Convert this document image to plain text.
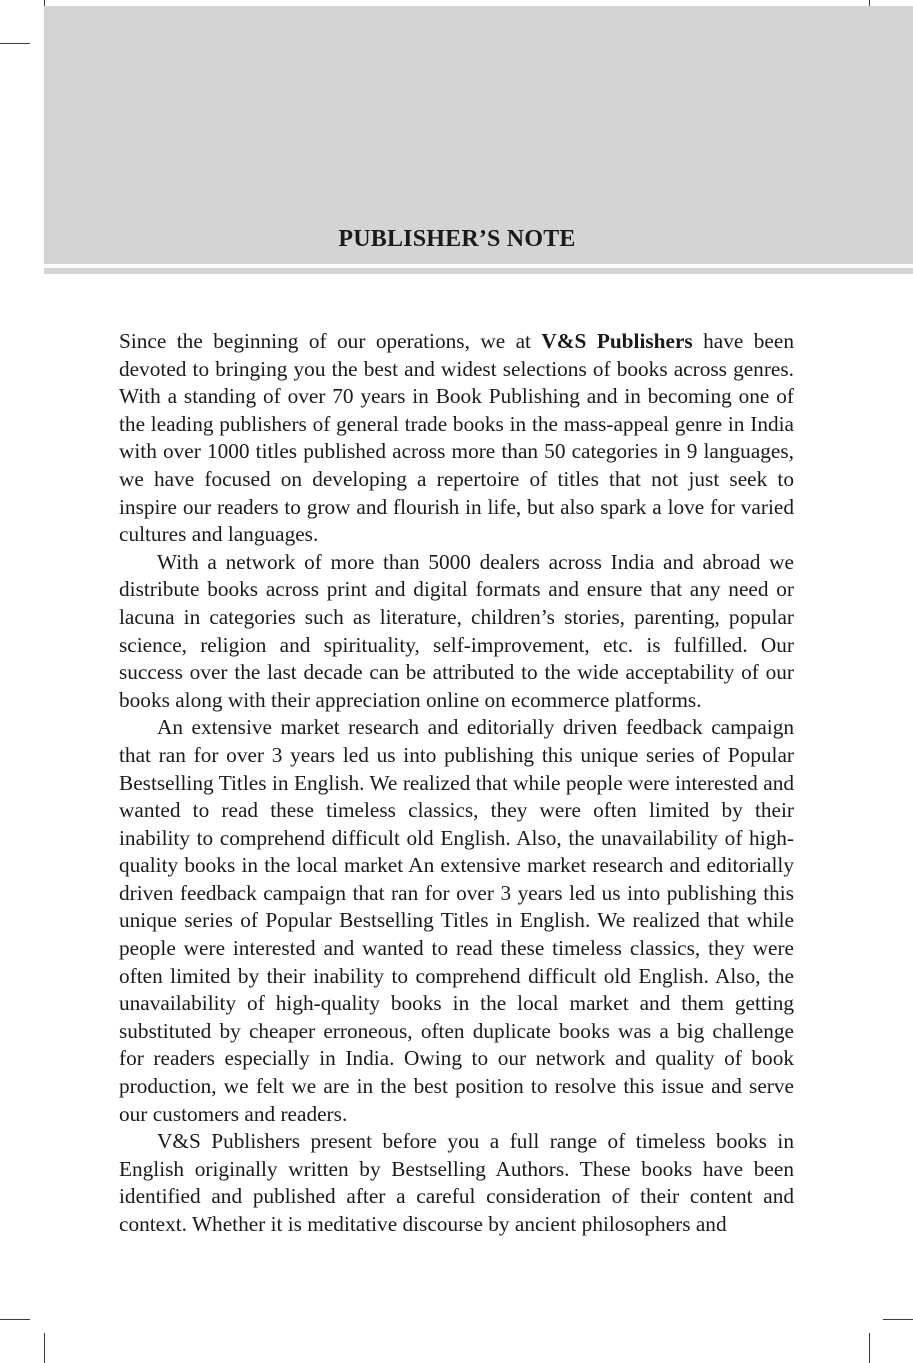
PUBLISHER’S NOTE

Since the beginning of our operations, we at V&S Publishers have been devoted to bringing you the best and widest selections of books across genres. With a standing of over 70 years in Book Publishing and in becoming one of the leading publishers of general trade books in the mass-appeal genre in India with over 1000 titles published across more than 50 categories in 9 languages, we have focused on developing a repertoire of titles that not just seek to inspire our readers to grow and flourish in life, but also spark a love for varied cultures and languages.

With a network of more than 5000 dealers across India and abroad we distribute books across print and digital formats and ensure that any need or lacuna in categories such as literature, children’s stories, parenting, popular science, religion and spirituality, self-improvement, etc. is fulfilled. Our success over the last decade can be attributed to the wide acceptability of our books along with their appreciation online on ecommerce platforms.

An extensive market research and editorially driven feedback campaign that ran for over 3 years led us into publishing this unique series of Popular Bestselling Titles in English. We realized that while people were interested and wanted to read these timeless classics, they were often limited by their inability to comprehend difficult old English. Also, the unavailability of high-quality books in the local market An extensive market research and editorially driven feedback campaign that ran for over 3 years led us into publishing this unique series of Popular Bestselling Titles in English. We realized that while people were interested and wanted to read these timeless classics, they were often limited by their inability to comprehend difficult old English. Also, the unavailability of high-quality books in the local market and them getting substituted by cheaper erroneous, often duplicate books was a big challenge for readers especially in India. Owing to our network and quality of book production, we felt we are in the best position to resolve this issue and serve our customers and readers.

V&S Publishers present before you a full range of timeless books in English originally written by Bestselling Authors. These books have been identified and published after a careful consideration of their content and context. Whether it is meditative discourse by ancient philosophers and
